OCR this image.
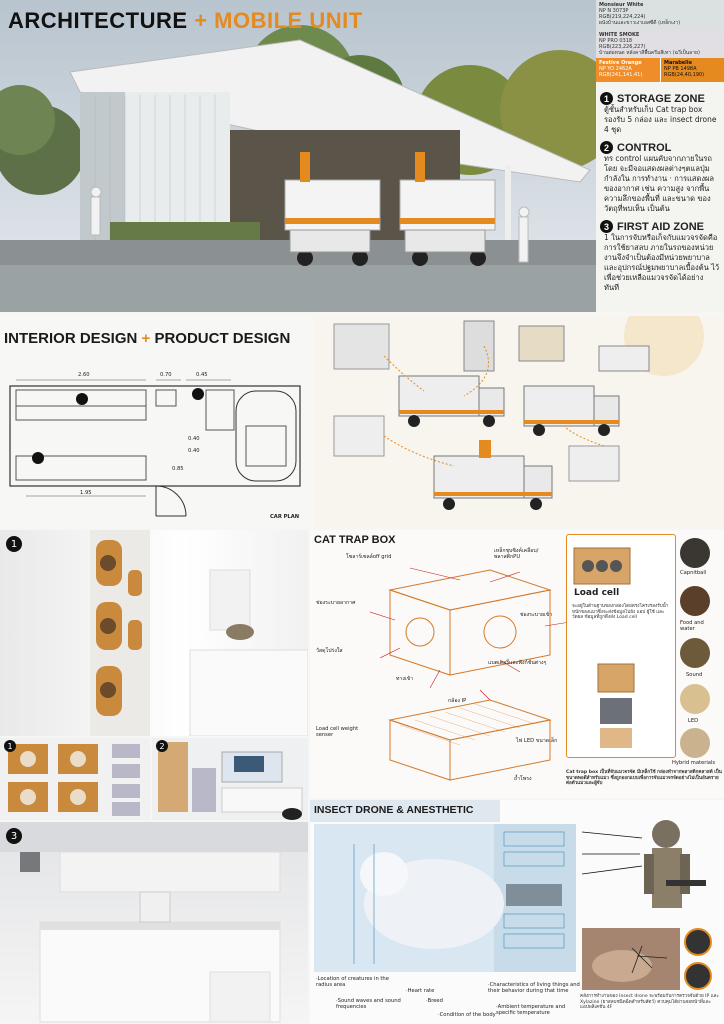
ARCHITECTURE + MOBILE UNIT
Monsieur White
NP N 3073P
RGB(219,224,224)
ผนังบ้านและขาวเงาเอสซีดี (เหล็กเงา)
WHITE SMOKE
NP PRO 0318
RGB(223,226,227)
บ้านต่อหนด หลังคาสีพื้นครีมสีเทา (ฉวีเป็นลาย)
Festive Orange
NP YO 2462A
RGB(241,141,41)
Marabelle
NP PB 1498A
RGB(24,40,190)
1 STORAGE ZONE
ตู้ชั้นสำหรับเก็บ Cat trap box รองรับ 5 กล่อง และ insect drone 4 ชุด
2 CONTROL
ทร control แผนคับจากภายในรถโดย จะมีจอแสดงผลต่างๆตแลปุ่มกำลังใน การทำงาน · การแสดงผลของอากาศ เช่น ความสูง จากพื้น ความลึกของพื้นที่ และขนาด ของวัตถุที่พบเห็น เป็นต้น
3 FIRST AID ZONE
1 ในการจับหรือเก็จกับแมวจรจัดคือ การใช้ยาสลบ ภายในรถของหน่วย งานจึงจำเป็นต้องมีหน่วยพยาบาล และอุปกรณ์ปฐมพยาบาลเบื้องต้น ไว้ เพื่อช่วยเหลือแมวจรจัดได้อย่าง ทันที
INTERIOR DESIGN + PRODUCT DESIGN
2.60	0.70	0.45
0.85
1.95
0.40
0.40
CAR PLAN
1
1	2
3
CAT TRAP BOX
โซลาร์เซลล์off grid
เหล็กชุบซิงค์เคลือบ/พลาสติกPU
ช่องระบายอากาศ
ช่องระบายเข้า
วัสดุโปร่งใส
ทางเข้า
แบตเตอรี่และฟังก์ชั่นต่างๆ
กล้อง IP
Load cell weight senser
ไฟ LED ขนาดเล็ก
ถ้ำโพรง
Load cell
จะอยู่ในด้านฐานของกล่องโดยตรงโครงรองรับน้ำหนักของแมวซึ่งจะส่งข้อมูลไปยัง แอป ผู้ใช้ และวัดผล ข้อมูลที่ถูกดึงส่ง Load cell
Capnitball
Food and water
Sound
LED
Hybrid materials
Cat trap box เป็นที่จับแมวจรจัด มีเหล็กใช้ กล่องทำจากพลาสติกคลาสต์ เป็นขนาดพอดีสำหรับแมว ซึ่งถูกออกแบบเพื่อการจับแมวจรจัดอย่างไม่เป็นอันตรายต่อตัวแมวและผู้จับ
INSECT DRONE & ANESTHETIC
·Location of creatures in the radius area
·Sound waves and sound frequencies
·Heart rate
·Breed
·Condition of the body
·Characteristics of living things and their behavior during that time
·Ambient temperature and specific temperature
คลังการทำงานของ Insect drone จะพร้อมกับการตรวจจับด้วย IP และ Xylazine (ยาสลบชนิดฉีดสำหรับสัตว์) ควบคุมได้ผ่านจอหน้าที่และแอปพลิเคชัน 4F
